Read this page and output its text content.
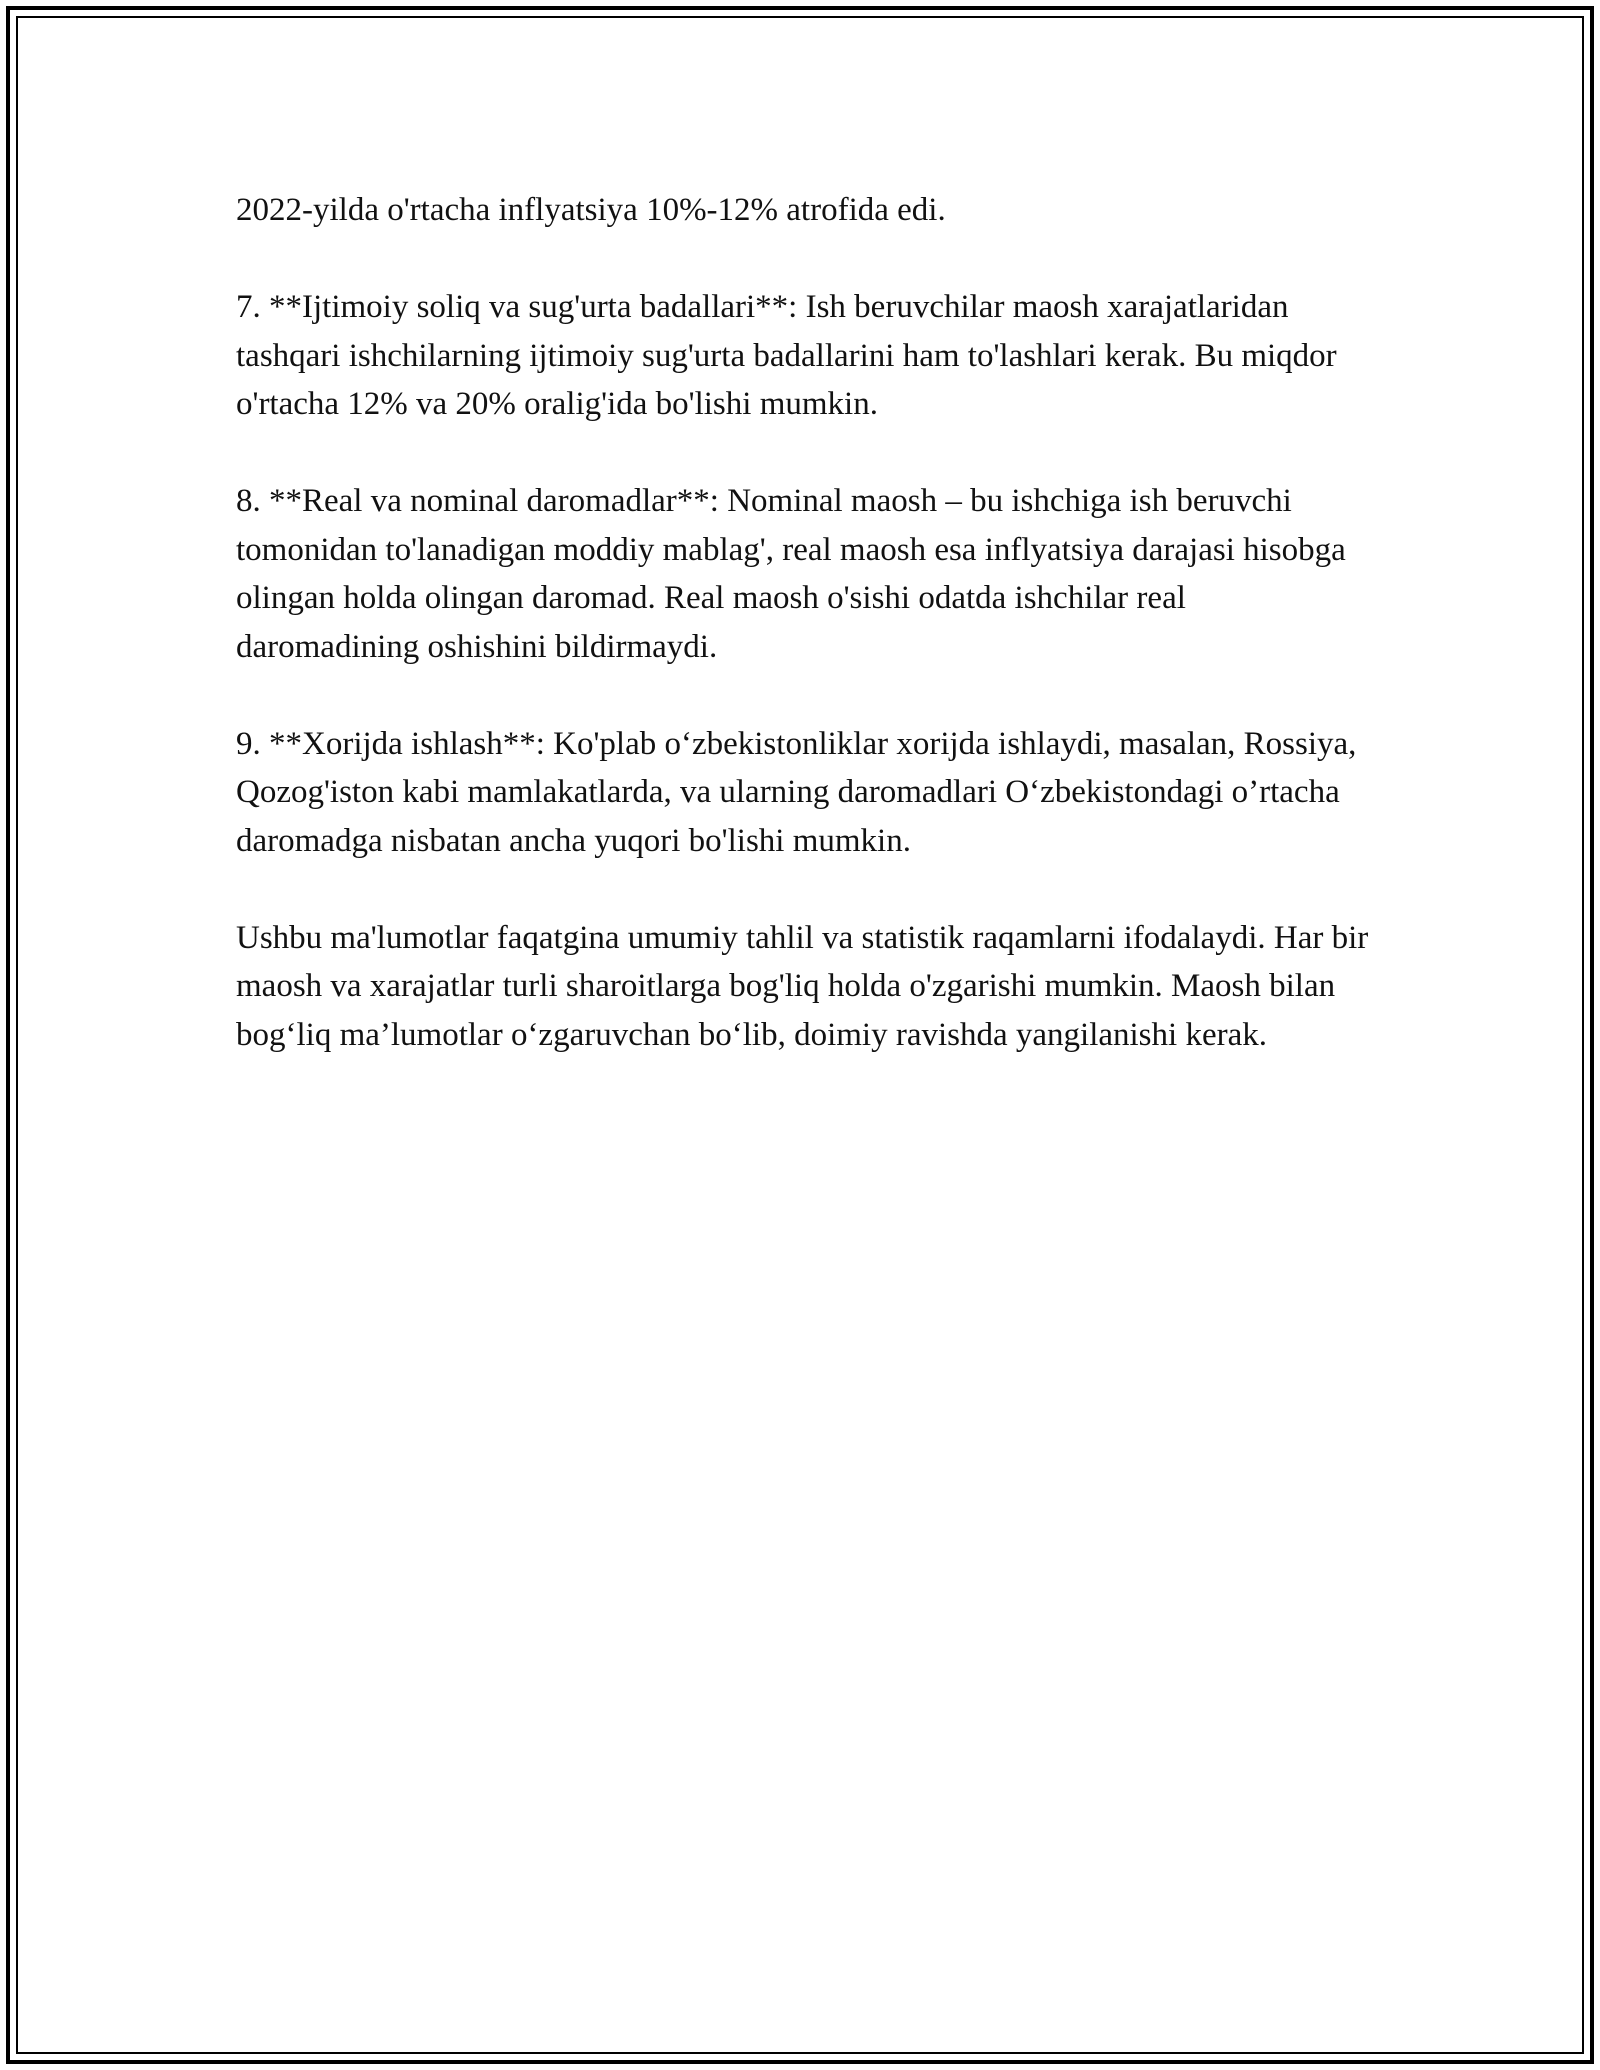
2022-yilda o'rtacha inflyatsiya 10%-12% atrofida edi.

7. **Ijtimoiy soliq va sug'urta badallari**: Ish beruvchilar maosh xarajatlaridan tashqari ishchilarning ijtimoiy sug'urta badallarini ham to'lashlari kerak. Bu miqdor o'rtacha 12% va 20% oralig'ida bo'lishi mumkin.

8. **Real va nominal daromadlar**: Nominal maosh – bu ishchiga ish beruvchi tomonidan to'lanadigan moddiy mablag', real maosh esa inflyatsiya darajasi hisobga olingan holda olingan daromad. Real maosh o'sishi odatda ishchilar real daromadining oshishini bildirmaydi.

9. **Xorijda ishlash**: Ko'plab o‘zbekistonliklar xorijda ishlaydi, masalan, Rossiya, Qozog'iston kabi mamlakatlarda, va ularning daromadlari O‘zbekistondagi o’rtacha daromadga nisbatan ancha yuqori bo'lishi mumkin.

Ushbu ma'lumotlar faqatgina umumiy tahlil va statistik raqamlarni ifodalaydi. Har bir maosh va xarajatlar turli sharoitlarga bog'liq holda o'zgarishi mumkin. Maosh bilan bog‘liq ma’lumotlar o‘zgaruvchan bo‘lib, doimiy ravishda yangilanishi kerak.
